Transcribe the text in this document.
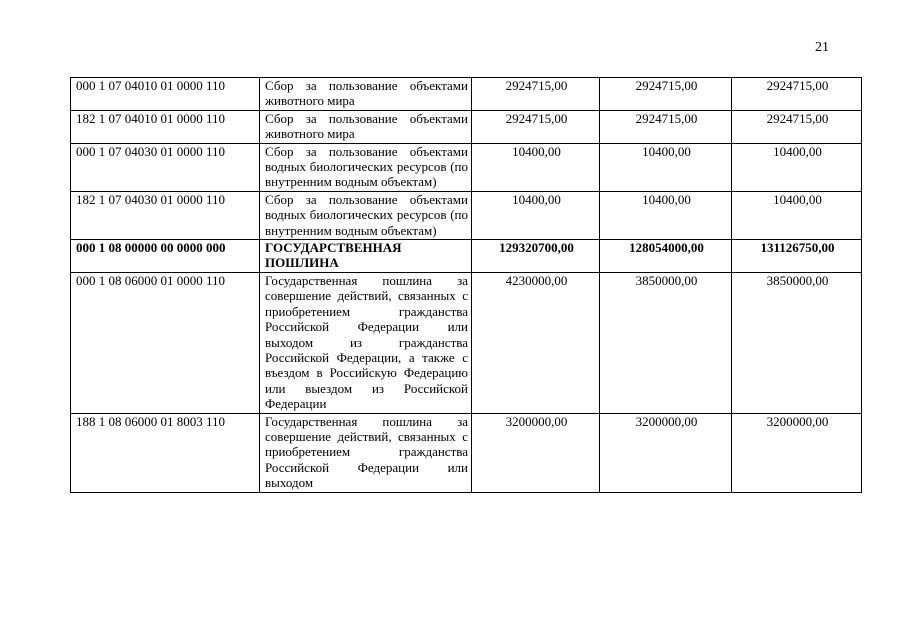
21
000 1 07 04010 01 0000 110	Сбор за пользование объектами животного мира	2924715,00	2924715,00	2924715,00
182 1 07 04010 01 0000 110	Сбор за пользование объектами животного мира	2924715,00	2924715,00	2924715,00
000 1 07 04030 01 0000 110	Сбор за пользование объектами водных биологических ресурсов (по внутренним водным объектам)	10400,00	10400,00	10400,00
182 1 07 04030 01 0000 110	Сбор за пользование объектами водных биологических ресурсов (по внутренним водным объектам)	10400,00	10400,00	10400,00
000 1 08 00000 00 0000 000	ГОСУДАРСТВЕННАЯ ПОШЛИНА	129320700,00	128054000,00	131126750,00
000 1 08 06000 01 0000 110	Государственная пошлина за совершение действий, связанных с приобретением гражданства Российской Федерации или выходом из гражданства Российской Федерации, а также с въездом в Российскую Федерацию или выездом из Российской Федерации	4230000,00	3850000,00	3850000,00
188 1 08 06000 01 8003 110	Государственная пошлина за совершение действий, связанных с приобретением гражданства Российской Федерации или выходом	3200000,00	3200000,00	3200000,00
